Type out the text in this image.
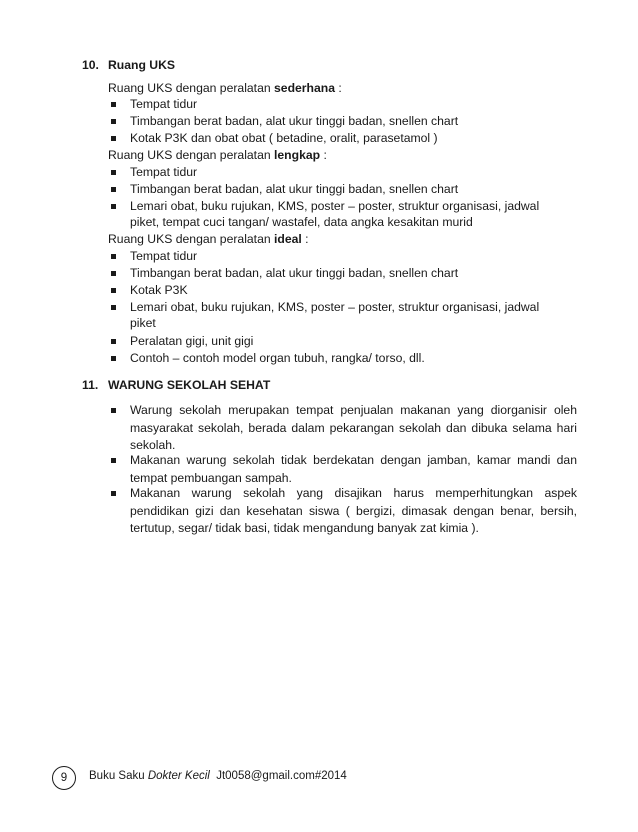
10. Ruang UKS
Ruang UKS dengan peralatan sederhana :
Tempat tidur
Timbangan berat badan, alat ukur tinggi badan, snellen chart
Kotak P3K dan obat obat ( betadine, oralit, parasetamol )
Ruang UKS dengan peralatan lengkap :
Tempat tidur
Timbangan berat badan, alat ukur tinggi badan, snellen chart
Lemari obat, buku rujukan, KMS, poster – poster, struktur organisasi, jadwal
piket, tempat cuci tangan/ wastafel, data angka kesakitan murid
Ruang UKS dengan peralatan ideal :
Tempat tidur
Timbangan berat badan, alat ukur tinggi badan, snellen chart
Kotak P3K
Lemari obat, buku rujukan, KMS, poster – poster, struktur organisasi, jadwal
piket
Peralatan gigi, unit gigi
Contoh – contoh model organ tubuh, rangka/ torso, dll.
11. WARUNG SEKOLAH SEHAT
Warung sekolah merupakan tempat penjualan makanan yang diorganisir oleh masyarakat sekolah, berada dalam pekarangan sekolah dan dibuka selama hari sekolah.
Makanan warung sekolah tidak berdekatan dengan jamban, kamar mandi dan tempat pembuangan sampah.
Makanan warung sekolah yang disajikan harus memperhitungkan aspek pendidikan gizi dan kesehatan siswa ( bergizi, dimasak dengan benar, bersih, tertutup, segar/ tidak basi, tidak mengandung banyak zat kimia ).
9	Buku Saku Dokter Kecil  Jt0058@gmail.com#2014
